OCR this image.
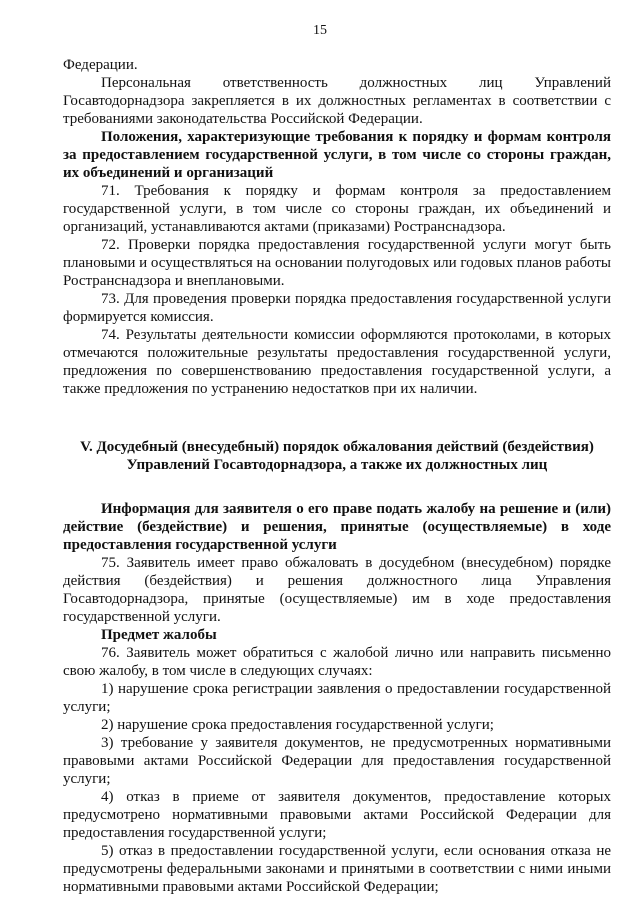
15

Федерации.

Персональная ответственность должностных лиц Управлений Госавтодорнадзора закрепляется в их должностных регламентах в соответствии с требованиями законодательства Российской Федерации.

Положения, характеризующие требования к порядку и формам контроля за предоставлением государственной услуги, в том числе со стороны граждан, их объединений и организаций

71. Требования к порядку и формам контроля за предоставлением государственной услуги, в том числе со стороны граждан, их объединений и организаций, устанавливаются актами (приказами) Ространснадзора.

72. Проверки порядка предоставления государственной услуги могут быть плановыми и осуществляться на основании полугодовых или годовых планов работы Ространснадзора и внеплановыми.

73. Для проведения проверки порядка предоставления государственной услуги формируется комиссия.

74. Результаты деятельности комиссии оформляются протоколами, в которых отмечаются положительные результаты предоставления государственной услуги, предложения по совершенствованию предоставления государственной услуги, а также предложения по устранению недостатков при их наличии.

V. Досудебный (внесудебный) порядок обжалования действий (бездействия)

Управлений Госавтодорнадзора, а также их должностных лиц

Информация для заявителя о его праве подать жалобу на решение и (или) действие (бездействие) и решения, принятые (осуществляемые) в ходе предоставления государственной услуги

75. Заявитель имеет право обжаловать в досудебном (внесудебном) порядке действия (бездействия) и решения должностного лица Управления Госавтодорнадзора, принятые (осуществляемые) им в ходе предоставления государственной услуги.

Предмет жалобы

76. Заявитель может обратиться с жалобой лично или направить письменно свою жалобу, в том числе в следующих случаях:

1) нарушение срока регистрации заявления о предоставлении государственной услуги;

2) нарушение срока предоставления государственной услуги;

3) требование у заявителя документов, не предусмотренных нормативными правовыми актами Российской Федерации для предоставления государственной услуги;

4) отказ в приеме от заявителя документов, предоставление которых предусмотрено нормативными правовыми актами Российской Федерации для предоставления государственной услуги;

5) отказ в предоставлении государственной услуги, если основания отказа не предусмотрены федеральными законами и принятыми в соответствии с ними иными нормативными правовыми актами Российской Федерации;
